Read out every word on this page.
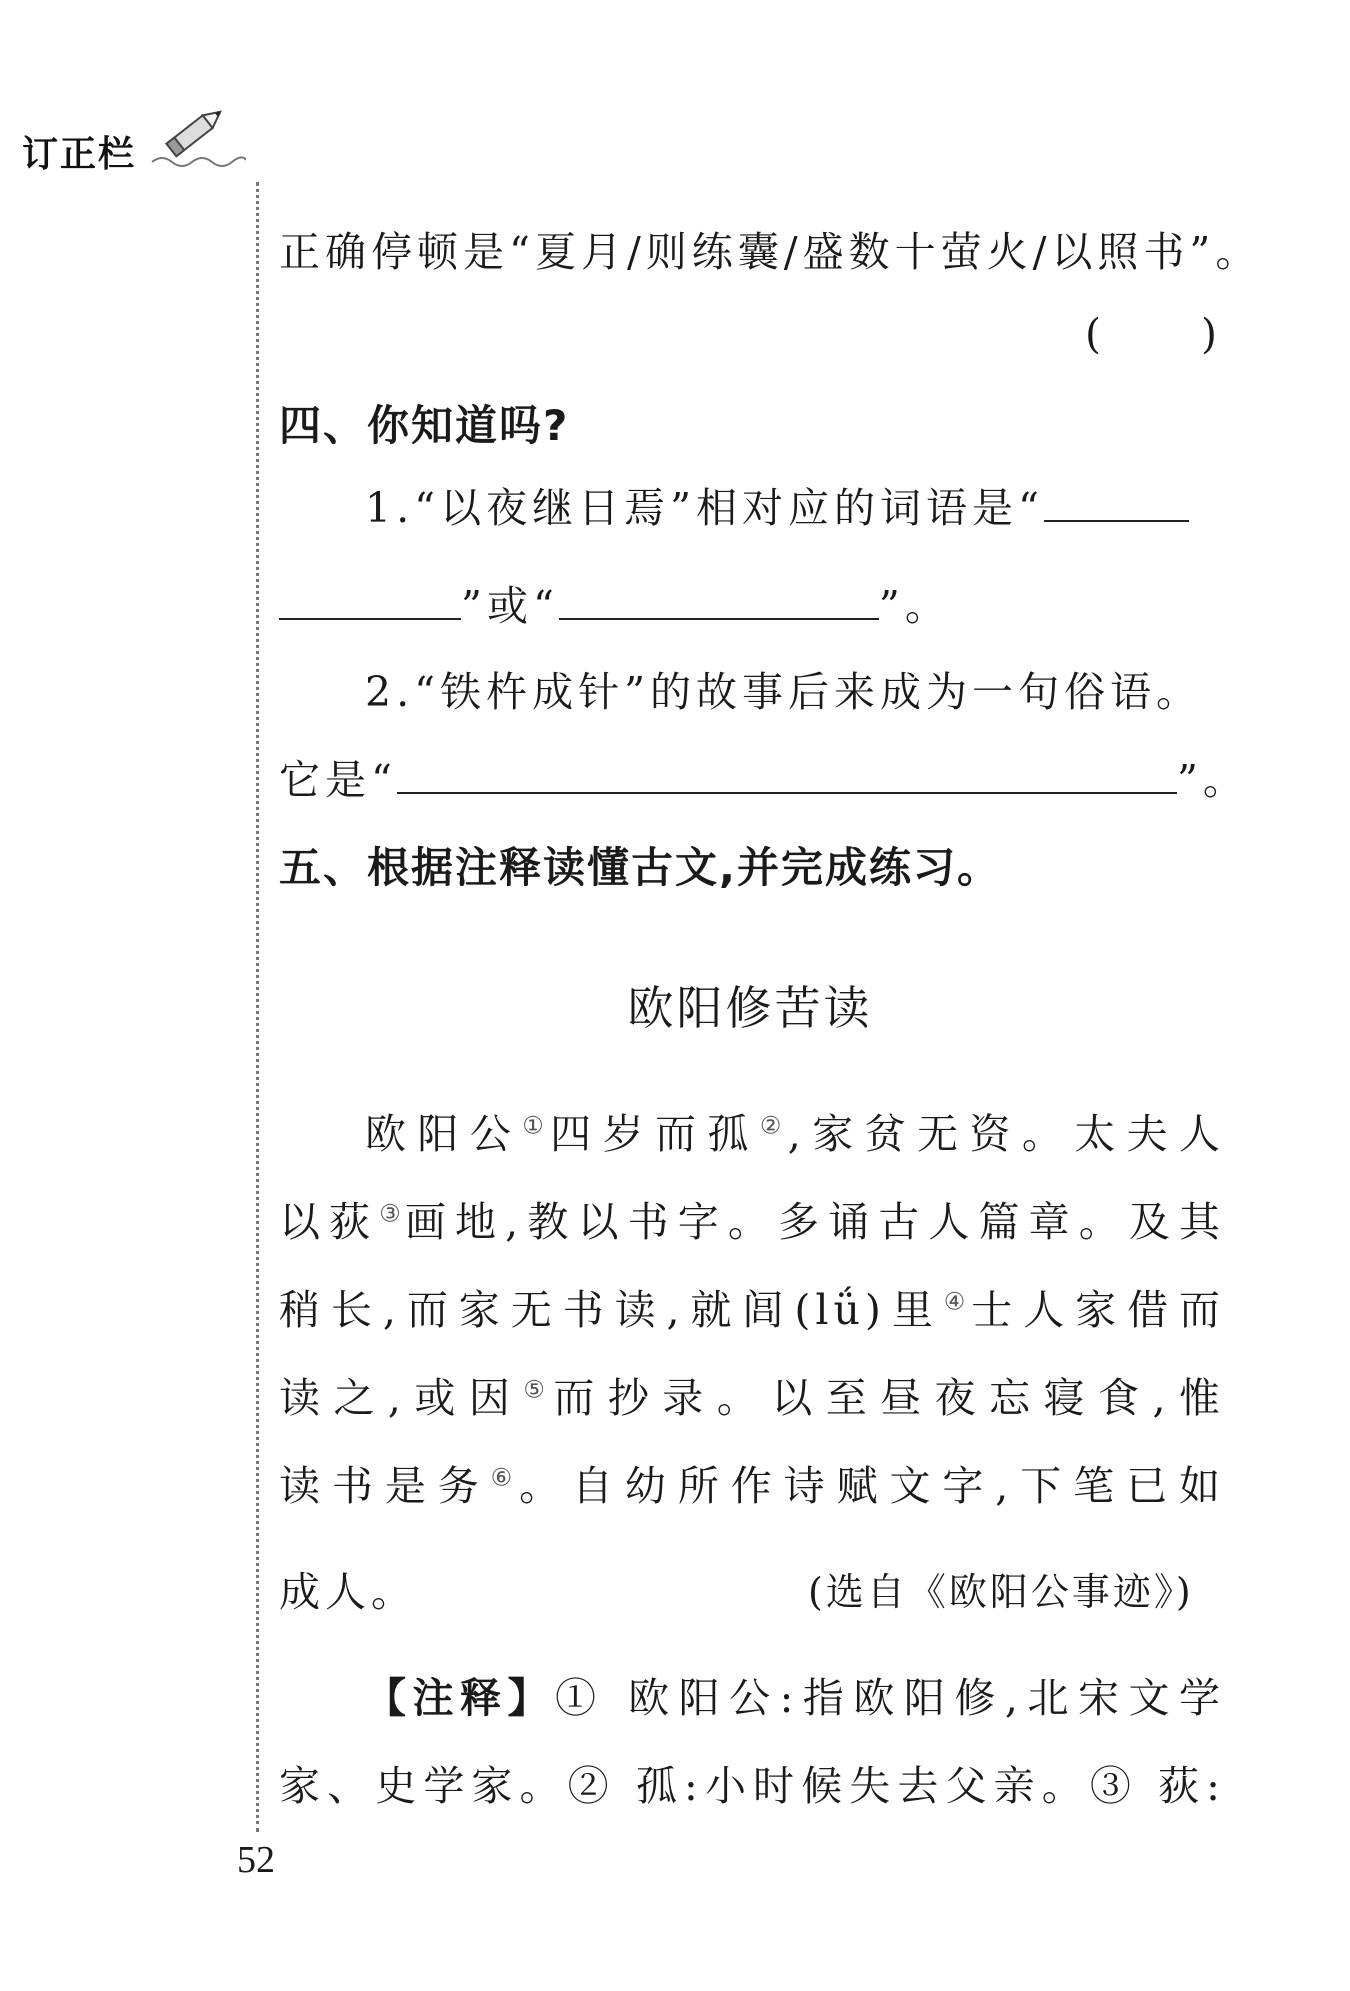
订正栏
正确停顿是“夏月/则练囊/盛数十萤火/以照书”。
( )
四、你知道吗?
1.“以夜继日焉”相对应的词语是“
”或“	”。
2.“铁杵成针”的故事后来成为一句俗语。
它是“	”。
五、根据注释读懂古文,并完成练习。
欧阳修苦读
欧阳公①四岁而孤②,家贫无资。太夫人
以荻③画地,教以书字。多诵古人篇章。及其
稍长,而家无书读,就闾(lǘ)里④士人家借而
读之,或因⑤而抄录。以至昼夜忘寝食,惟
读书是务⑥。自幼所作诗赋文字,下笔已如
成人。	(选自《欧阳公事迹》)
【注释】① 欧阳公:指欧阳修,北宋文学
家、史学家。② 孤:小时候失去父亲。③ 荻:
52
